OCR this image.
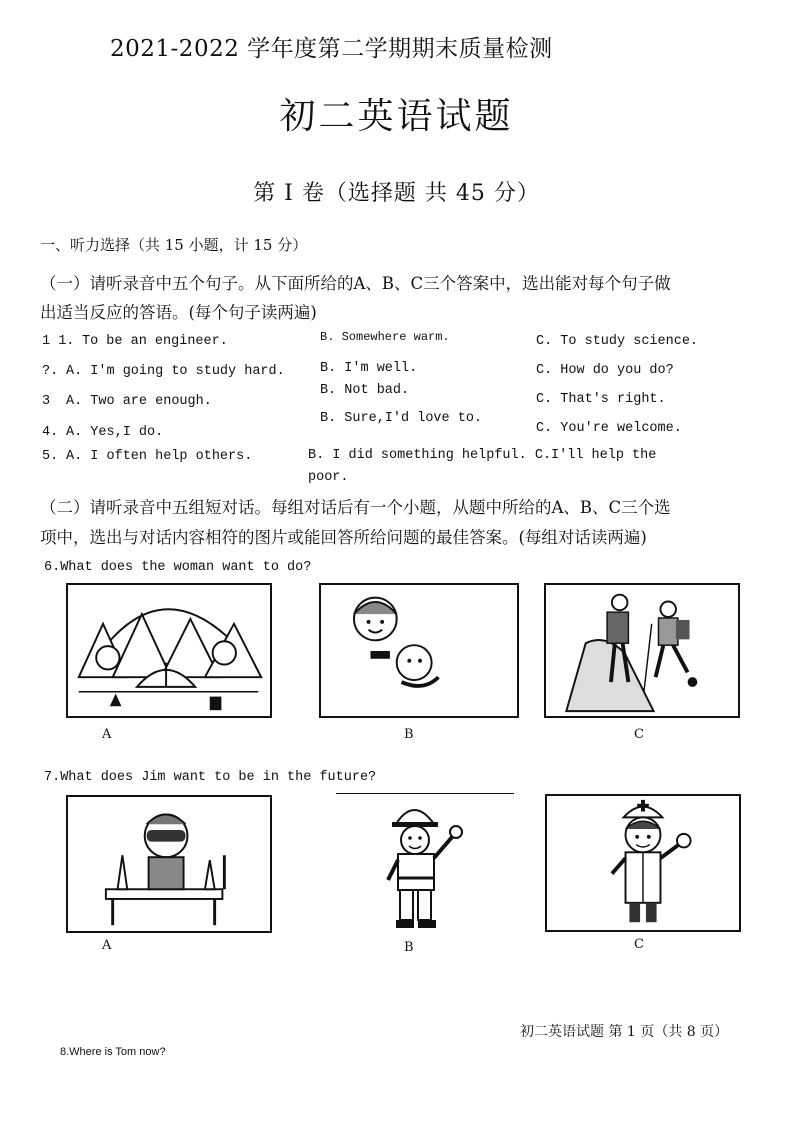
2021-2022 学年度第二学期期末质量检测
初二英语试题
第 I 卷（选择题 共 45 分）
一、听力选择（共 15 小题，计 15 分）
（一）请听录音中五个句子。从下面所给的A、B、C三个答案中，选出能对每个句子做
出适当反应的答语。(每个句子读两遍)
1 1. To be an engineer.	B. Somewhere warm.	C. To study science.
?. A. I'm going to study hard.	B. I'm well.	C. How do you do?
3 A. Two are enough.
B. Not bad.
C. That's right.
4. A. Yes,I do.
B. Sure,I'd love to.
C. You're welcome.
5. A. I often help others.	B. I did something helpful. C.I'll help the
poor.
（二）请听录音中五组短对话。每组对话后有一个小题，从题中所给的A、B、C三个选
项中，选出与对话内容相符的图片或能回答所给问题的最佳答案。(每组对话读两遍)
6.What does the woman want to do?
A	B	C
7.What does Jim want to be in the future?
A	B	C
初二英语试题 第 1 页（共 8 页）
8.Where is Tom now?
